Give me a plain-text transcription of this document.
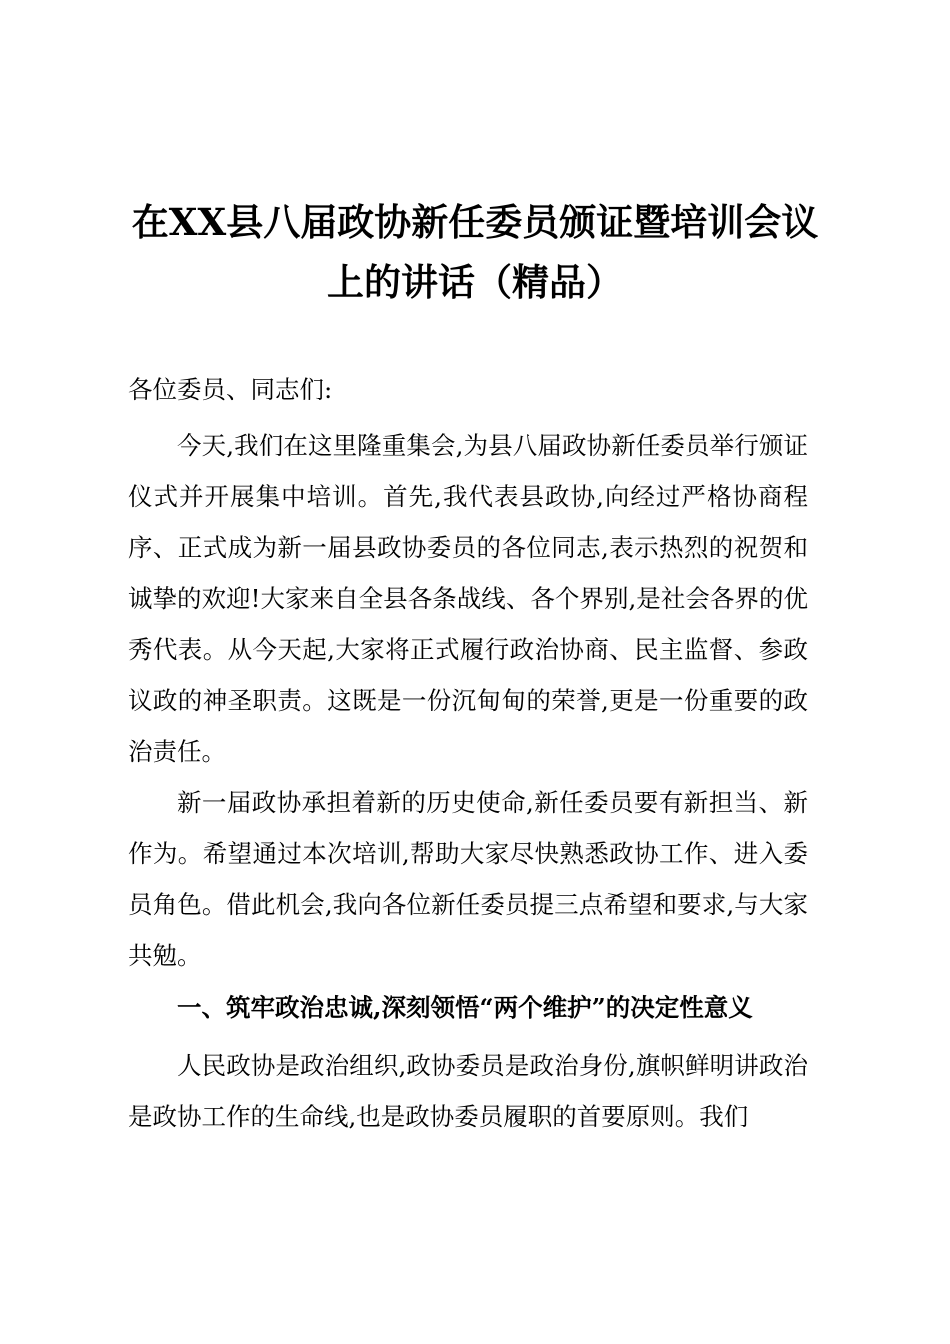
在XX县八届政协新任委员颁证暨培训会议上的讲话（精品）

各位委员、同志们:

今天,我们在这里隆重集会,为县八届政协新任委员举行颁证仪式并开展集中培训。首先,我代表县政协,向经过严格协商程序、正式成为新一届县政协委员的各位同志,表示热烈的祝贺和诚挚的欢迎!大家来自全县各条战线、各个界别,是社会各界的优秀代表。从今天起,大家将正式履行政治协商、民主监督、参政议政的神圣职责。这既是一份沉甸甸的荣誉,更是一份重要的政治责任。

新一届政协承担着新的历史使命,新任委员要有新担当、新作为。希望通过本次培训,帮助大家尽快熟悉政协工作、进入委员角色。借此机会,我向各位新任委员提三点希望和要求,与大家共勉。

一、筑牢政治忠诚,深刻领悟“两个维护”的决定性意义

人民政协是政治组织,政协委员是政治身份,旗帜鲜明讲政治是政协工作的生命线,也是政协委员履职的首要原则。我们
